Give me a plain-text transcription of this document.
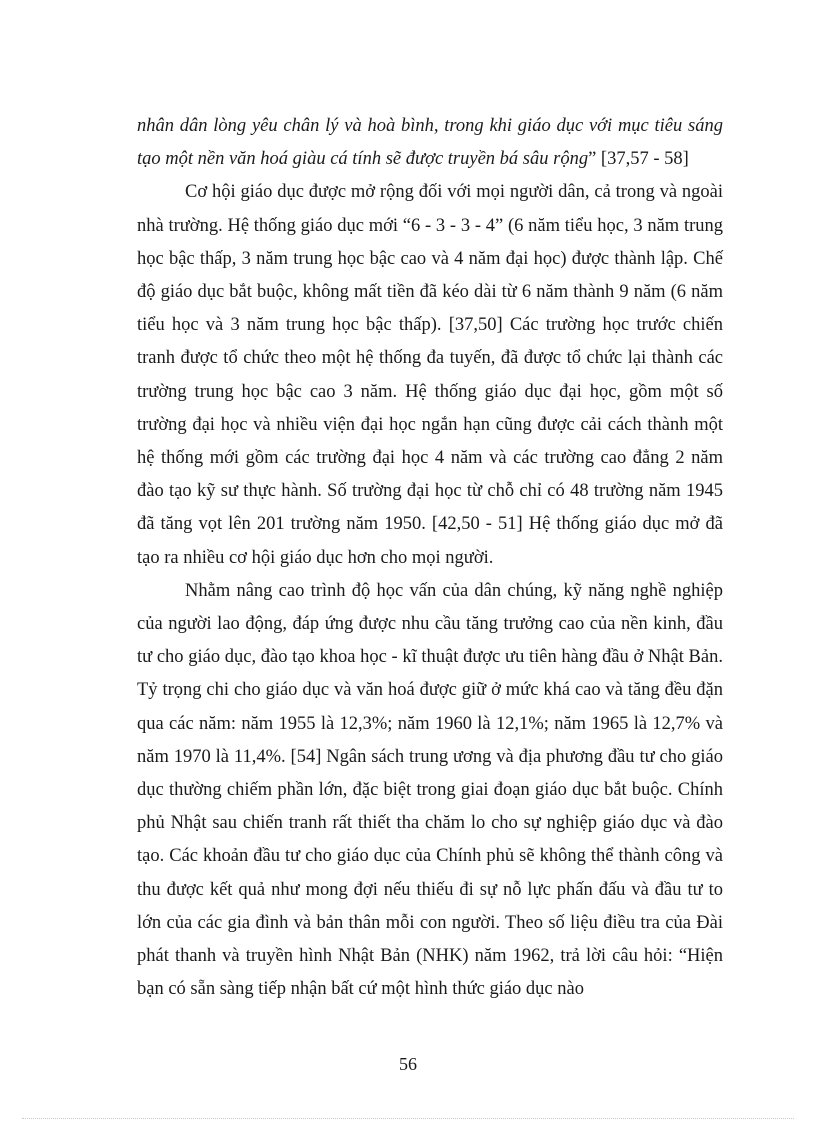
nhân dân lòng yêu chân lý và hoà bình, trong khi giáo dục với mục tiêu sáng tạo một nền văn hoá giàu cá tính sẽ được truyền bá sâu rộng” [37,57 - 58]

Cơ hội giáo dục được mở rộng đối với mọi người dân, cả trong và ngoài nhà trường. Hệ thống giáo dục mới “6 - 3 - 3 - 4” (6 năm tiểu học, 3 năm trung học bậc thấp, 3 năm trung học bậc cao và 4 năm đại học) được thành lập. Chế độ giáo dục bắt buộc, không mất tiền đã kéo dài từ 6 năm thành 9 năm (6 năm tiểu học và 3 năm trung học bậc thấp). [37,50] Các trường học trước chiến tranh được tổ chức theo một hệ thống đa tuyến, đã được tổ chức lại thành các trường trung học bậc cao 3 năm. Hệ thống giáo dục đại học, gồm một số trường đại học và nhiều viện đại học ngắn hạn cũng được cải cách thành một hệ thống mới gồm các trường đại học 4 năm và các trường cao đẳng 2 năm đào tạo kỹ sư thực hành. Số trường đại học từ chỗ chỉ có 48 trường năm 1945 đã tăng vọt lên 201 trường năm 1950. [42,50 - 51] Hệ thống giáo dục mở đã tạo ra nhiều cơ hội giáo dục hơn cho mọi người.

Nhằm nâng cao trình độ học vấn của dân chúng, kỹ năng nghề nghiệp của người lao động, đáp ứng được nhu cầu tăng trưởng cao của nền kinh, đầu tư cho giáo dục, đào tạo khoa học - kĩ thuật được ưu tiên hàng đầu ở Nhật Bản. Tỷ trọng chi cho giáo dục và văn hoá được giữ ở mức khá cao và tăng đều đặn qua các năm: năm 1955 là 12,3%; năm 1960 là 12,1%; năm 1965 là 12,7% và năm 1970 là 11,4%. [54] Ngân sách trung ương và địa phương đầu tư cho giáo dục thường chiếm phần lớn, đặc biệt trong giai đoạn giáo dục bắt buộc. Chính phủ Nhật sau chiến tranh rất thiết tha chăm lo cho sự nghiệp giáo dục và đào tạo. Các khoản đầu tư cho giáo dục của Chính phủ sẽ không thể thành công và thu được kết quả như mong đợi nếu thiếu đi sự nỗ lực phấn đấu và đầu tư to lớn của các gia đình và bản thân mỗi con người. Theo số liệu điều tra của Đài phát thanh và truyền hình Nhật Bản (NHK) năm 1962, trả lời câu hỏi: “Hiện bạn có sẵn sàng tiếp nhận bất cứ một hình thức giáo dục nào

56
